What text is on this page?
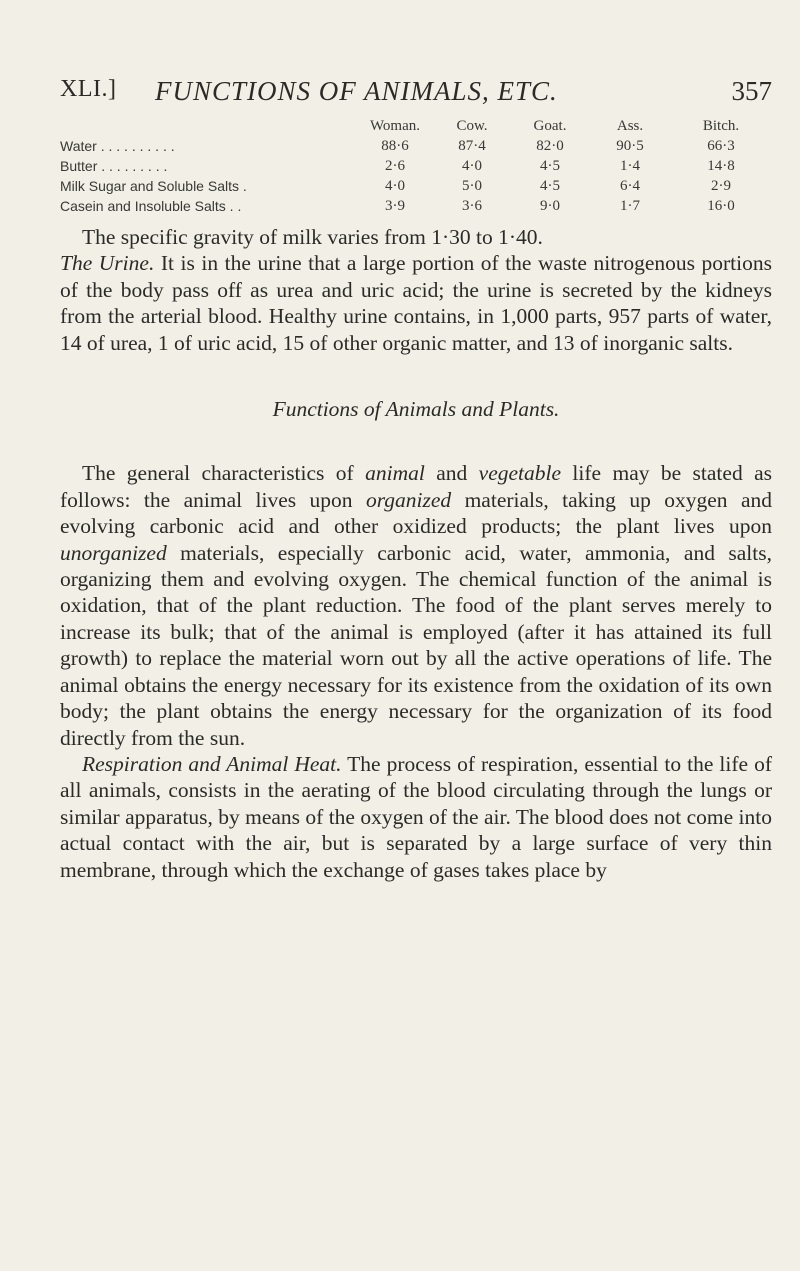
XLI.] FUNCTIONS OF ANIMALS, ETC.	357
	Woman.	Cow.	Goat.	Ass.	Bitch.
Water . . . . . . . . . .	88·6	87·4	82·0	90·5	66·3
Butter . . . . . . . . .	2·6	4·0	4·5	1·4	14·8
Milk Sugar and Soluble Salts .	4·0	5·0	4·5	6·4	2·9
Casein and Insoluble Salts . .	3·9	3·6	9·0	1·7	16·0

The specific gravity of milk varies from 1·30 to 1·40.

The Urine. It is in the urine that a large portion of the waste nitrogenous portions of the body pass off as urea and uric acid; the urine is secreted by the kidneys from the arterial blood. Healthy urine contains, in 1,000 parts, 957 parts of water, 14 of urea, 1 of uric acid, 15 of other organic matter, and 13 of inorganic salts.

Functions of Animals and Plants.

The general characteristics of animal and vegetable life may be stated as follows: the animal lives upon organized materials, taking up oxygen and evolving carbonic acid and other oxidized products; the plant lives upon unorganized materials, especially carbonic acid, water, ammonia, and salts, organizing them and evolving oxygen. The chemical function of the animal is oxidation, that of the plant reduction. The food of the plant serves merely to increase its bulk; that of the animal is employed (after it has attained its full growth) to replace the material worn out by all the active operations of life. The animal obtains the energy necessary for its existence from the oxidation of its own body; the plant obtains the energy necessary for the organization of its food directly from the sun.

Respiration and Animal Heat. The process of respiration, essential to the life of all animals, consists in the aerating of the blood circulating through the lungs or similar apparatus, by means of the oxygen of the air. The blood does not come into actual contact with the air, but is separated by a large surface of very thin membrane, through which the exchange of gases takes place by
